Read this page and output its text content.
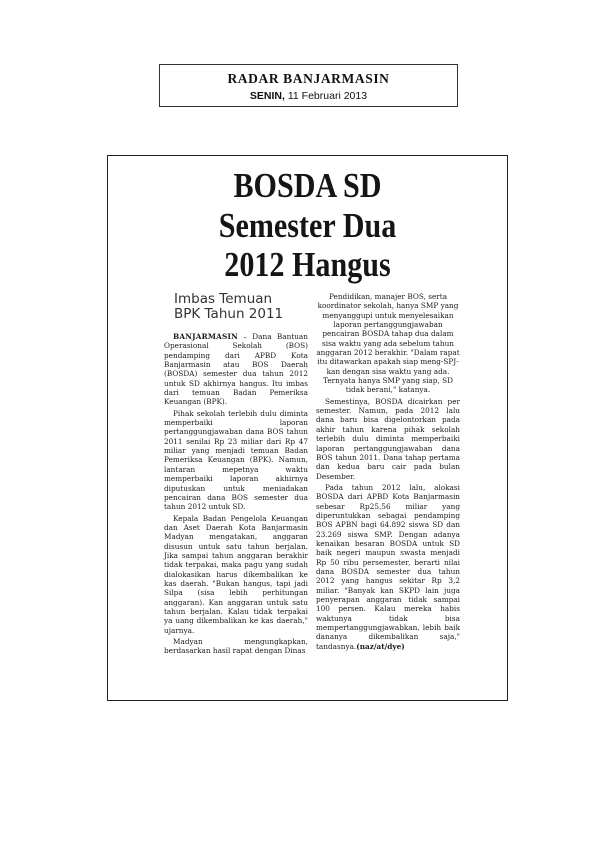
RADAR BANJARMASIN
SENIN, 11 Februari 2013
BOSDA SD
Semester Dua
2012 Hangus
Imbas Temuan
BPK Tahun 2011

BANJARMASIN – Dana Bantuan Operasional Sekolah (BOS) pendamping dari APBD Kota Banjarmasin atau BOS Daerah (BOSDA) semester dua tahun 2012 untuk SD akhirnya hangus. Itu imbas dari temuan Badan Pemeriksa Keuangan (BPK).

Pihak sekolah terlebih dulu diminta memperbaiki laporan pertanggungjawaban dana BOS tahun 2011 senilai Rp 23 miliar dari Rp 47 miliar yang menjadi temuan Badan Pemeriksa Keuangan (BPK). Namun, lantaran mepetnya waktu memperbaiki laporan akhirnya diputuskan untuk meniadakan pencairan dana BOS semester dua tahun 2012 untuk SD.

Kepala Badan Pengelola Keuangan dan Aset Daerah Kota Banjarmasin Madyan mengatakan, anggaran disusun untuk satu tahun berjalan. Jika sampai tahun anggaran berakhir tidak terpakai, maka pagu yang sudah dialokasikan harus dikembalikan ke kas daerah. "Bukan hangus, tapi jadi Silpa (sisa lebih perhitungan anggaran). Kan anggaran untuk satu tahun berjalan. Kalau tidak terpakai ya uang dikembalikan ke kas daerah," ujarnya.

Madyan mengungkapkan, berdasarkan hasil rapat dengan Dinas

Pendidikan, manajer BOS, serta koordinator sekolah, hanya SMP yang menyanggupi untuk menyelesaikan laporan pertanggungjawaban pencairan BOSDA tahap dua dalam sisa waktu yang ada sebelum tahun anggaran 2012 berakhir. "Dalam rapat itu ditawarkan apakah siap meng-SPJ-kan dengan sisa waktu yang ada. Ternyata hanya SMP yang siap, SD tidak berani," katanya.

Semestinya, BOSDA dicairkan per semester. Namun, pada 2012 lalu dana baru bisa digelontorkan pada akhir tahun karena pihak sekolah terlebih dulu diminta memperbaiki laporan pertanggungjawaban dana BOS tahun 2011. Dana tahap pertama dan kedua baru cair pada bulan Desember.

Pada tahun 2012 lalu, alokasi BOSDA dari APBD Kota Banjarmasin sebesar Rp25,56 miliar yang diperuntukkan sebagai pendamping BOS APBN bagi 64.892 siswa SD dan 23.269 siswa SMP. Dengan adanya kenaikan besaran BOSDA untuk SD baik negeri maupun swasta menjadi Rp 50 ribu persemester, berarti nilai dana BOSDA semester dua tahun 2012 yang hangus sekitar Rp 3,2 miliar. "Banyak kan SKPD lain juga penyerapan anggaran tidak sampai 100 persen. Kalau mereka habis waktunya tidak bisa mempertanggungjawabkan, lebih baik dananya dikembalikan saja," tandasnya.(naz/at/dye)
